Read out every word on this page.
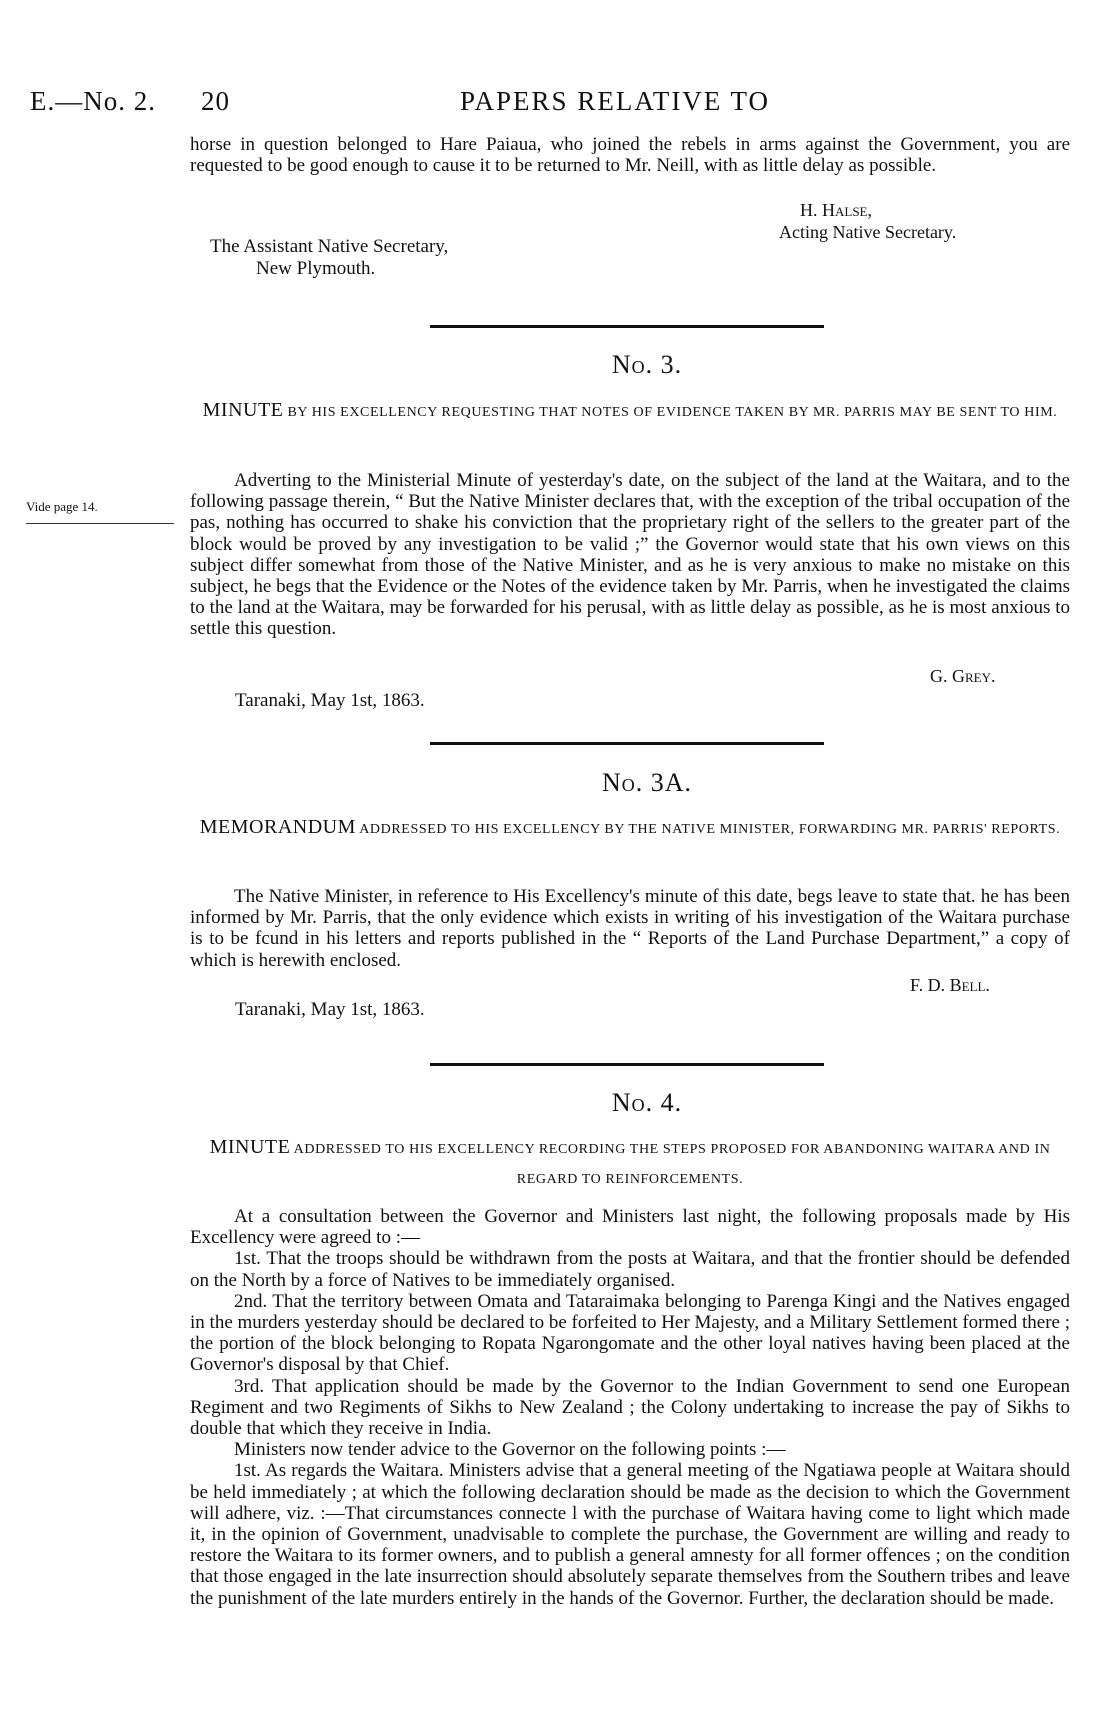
E.—No. 2. 20	PAPERS RELATIVE TO

horse in question belonged to Hare Paiaua, who joined the rebels in arms against the Government, you are requested to be good enough to cause it to be returned to Mr. Neill, with as little delay as possible.

H. Halse,
Acting Native Secretary.
The Assistant Native Secretary,
New Plymouth.
No. 3.
MINUTE BY HIS EXCELLENCY REQUESTING THAT NOTES OF EVIDENCE TAKEN BY MR. PARRIS MAY BE SENT TO HIM.
Vide page 14.

Adverting to the Ministerial Minute of yesterday's date, on the subject of the land at the Waitara, and to the following passage therein, “ But the Native Minister declares that, with the exception of the tribal occupation of the pas, nothing has occurred to shake his conviction that the proprietary right of the sellers to the greater part of the block would be proved by any investigation to be valid ;” the Governor would state that his own views on this subject differ somewhat from those of the Native Minister, and as he is very anxious to make no mistake on this subject, he begs that the Evidence or the Notes of the evidence taken by Mr. Parris, when he investigated the claims to the land at the Waitara, may be forwarded for his perusal, with as little delay as possible, as he is most anxious to settle this question.

G. Grey.
Taranaki, May 1st, 1863.
No. 3A.
MEMORANDUM ADDRESSED TO HIS EXCELLENCY BY THE NATIVE MINISTER, FORWARDING MR. PARRIS' REPORTS.

The Native Minister, in reference to His Excellency's minute of this date, begs leave to state that. he has been informed by Mr. Parris, that the only evidence which exists in writing of his investigation of the Waitara purchase is to be fcund in his letters and reports published in the “ Reports of the Land Purchase Department,” a copy of which is herewith enclosed.

F. D. Bell.
Taranaki, May 1st, 1863.
No. 4.
MINUTE ADDRESSED TO HIS EXCELLENCY RECORDING THE STEPS PROPOSED FOR ABANDONING WAITARA AND IN REGARD TO REINFORCEMENTS.

At a consultation between the Governor and Ministers last night, the following proposals made by His Excellency were agreed to :—

1st. That the troops should be withdrawn from the posts at Waitara, and that the frontier should be defended on the North by a force of Natives to be immediately organised.

2nd. That the territory between Omata and Tataraimaka belonging to Parenga Kingi and the Natives engaged in the murders yesterday should be declared to be forfeited to Her Majesty, and a Military Settlement formed there ; the portion of the block belonging to Ropata Ngarongomate and the other loyal natives having been placed at the Governor's disposal by that Chief.

3rd. That application should be made by the Governor to the Indian Government to send one European Regiment and two Regiments of Sikhs to New Zealand ; the Colony undertaking to increase the pay of Sikhs to double that which they receive in India.

Ministers now tender advice to the Governor on the following points :—

1st. As regards the Waitara. Ministers advise that a general meeting of the Ngatiawa people at Waitara should be held immediately ; at which the following declaration should be made as the decision to which the Government will adhere, viz. :—That circumstances connecte l with the purchase of Waitara having come to light which made it, in the opinion of Government, unadvisable to complete the purchase, the Government are willing and ready to restore the Waitara to its former owners, and to publish a general amnesty for all former offences ; on the condition that those engaged in the late insurrection should absolutely separate themselves from the Southern tribes and leave the punishment of the late murders entirely in the hands of the Governor. Further, the declaration should be made.
